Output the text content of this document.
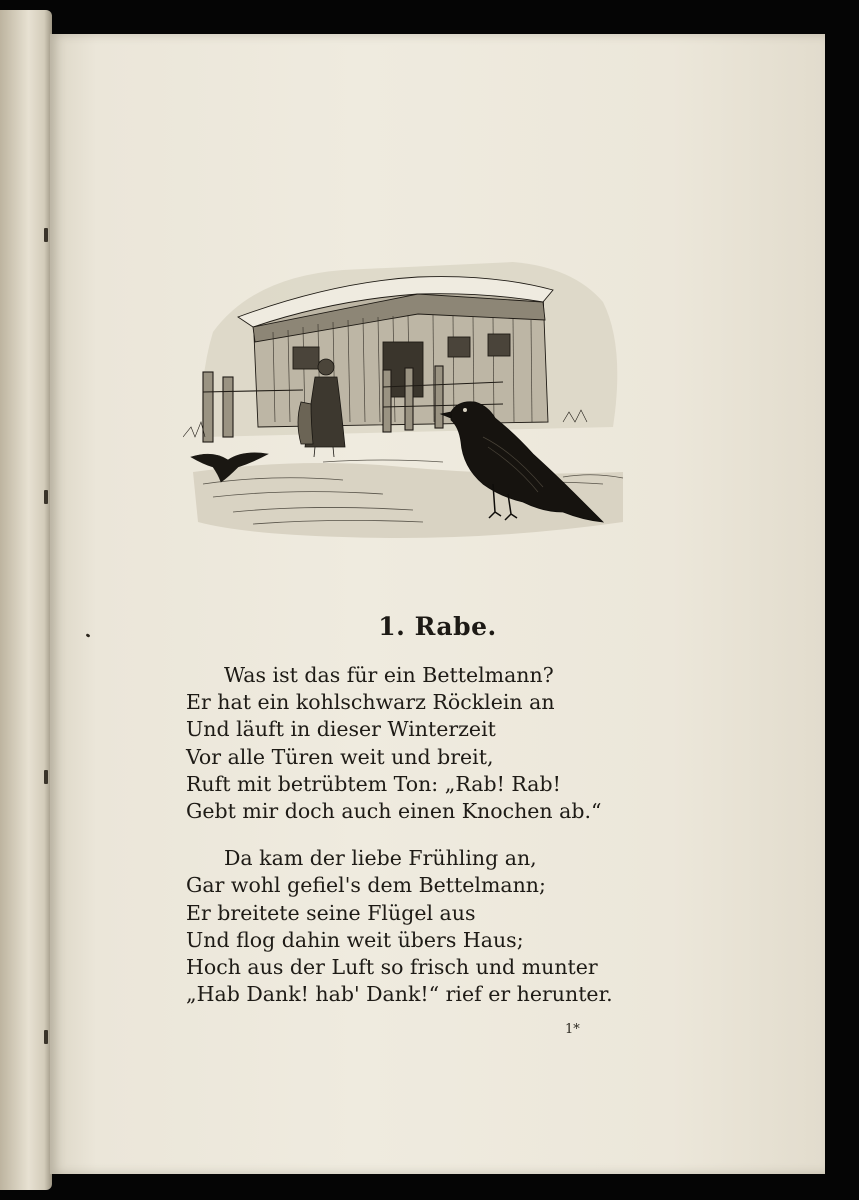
1. Rabe.
Was ist das für ein Bettelmann?
Er hat ein kohlschwarz Röcklein an
Und läuft in dieser Winterzeit
Vor alle Türen weit und breit,
Ruft mit betrübtem Ton: „Rab! Rab!
Gebt mir doch auch einen Knochen ab.“
Da kam der liebe Frühling an,
Gar wohl gefiel's dem Bettelmann;
Er breitete seine Flügel aus
Und flog dahin weit übers Haus;
Hoch aus der Luft so frisch und munter
„Hab Dank! hab' Dank!“ rief er herunter.
1*
